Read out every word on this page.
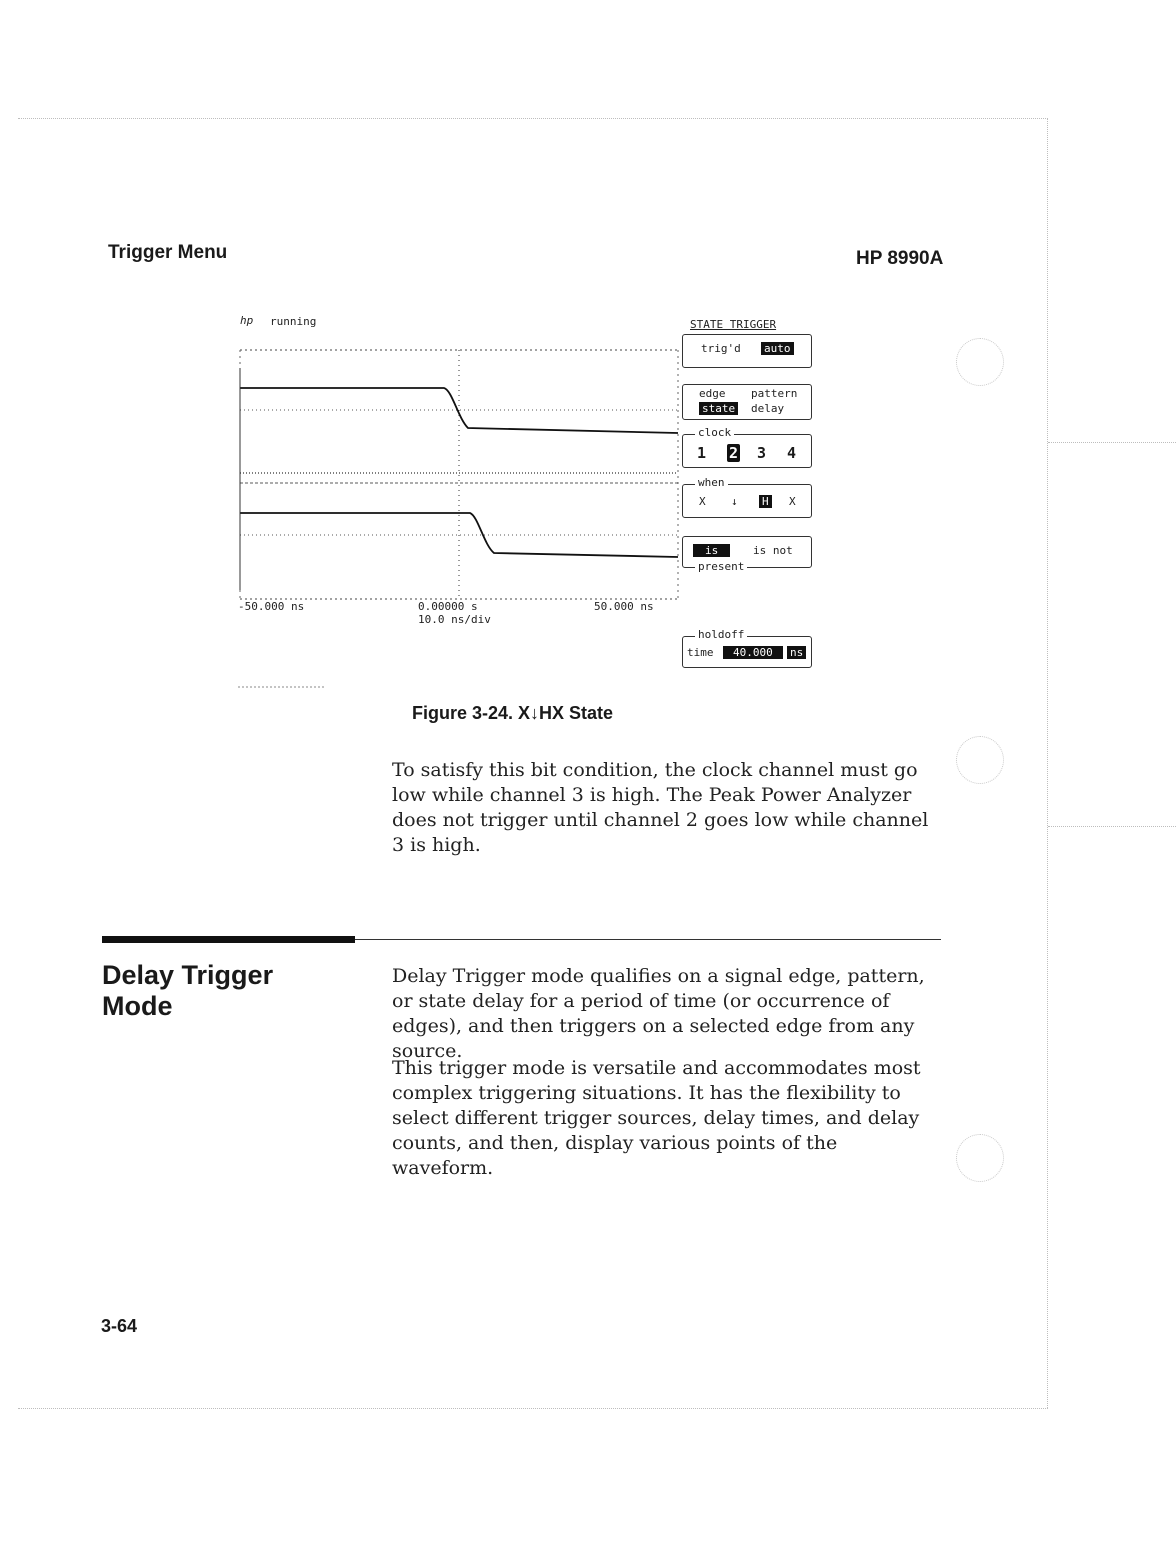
Trigger Menu	HP 8990A
hp running
-50.000 ns	0.00000 s	50.000 ns
10.0 ns/div
STATE TRIGGER
trig'd auto
edge pattern
state delay
clock
1 2 3 4
when
X ↓ H X
is	is not
present
holdoff
time	40.000	ns
Figure 3-24. X↓HX State
To satisfy this bit condition, the clock channel must go low while channel 3 is high. The Peak Power Analyzer does not trigger until channel 2 goes low while channel 3 is high.
Delay Trigger
Mode
Delay Trigger mode qualifies on a signal edge, pattern, or state delay for a period of time (or occurrence of edges), and then triggers on a selected edge from any source.
This trigger mode is versatile and accommodates most complex triggering situations. It has the flexibility to select different trigger sources, delay times, and delay counts, and then, display various points of the waveform.
3-64
